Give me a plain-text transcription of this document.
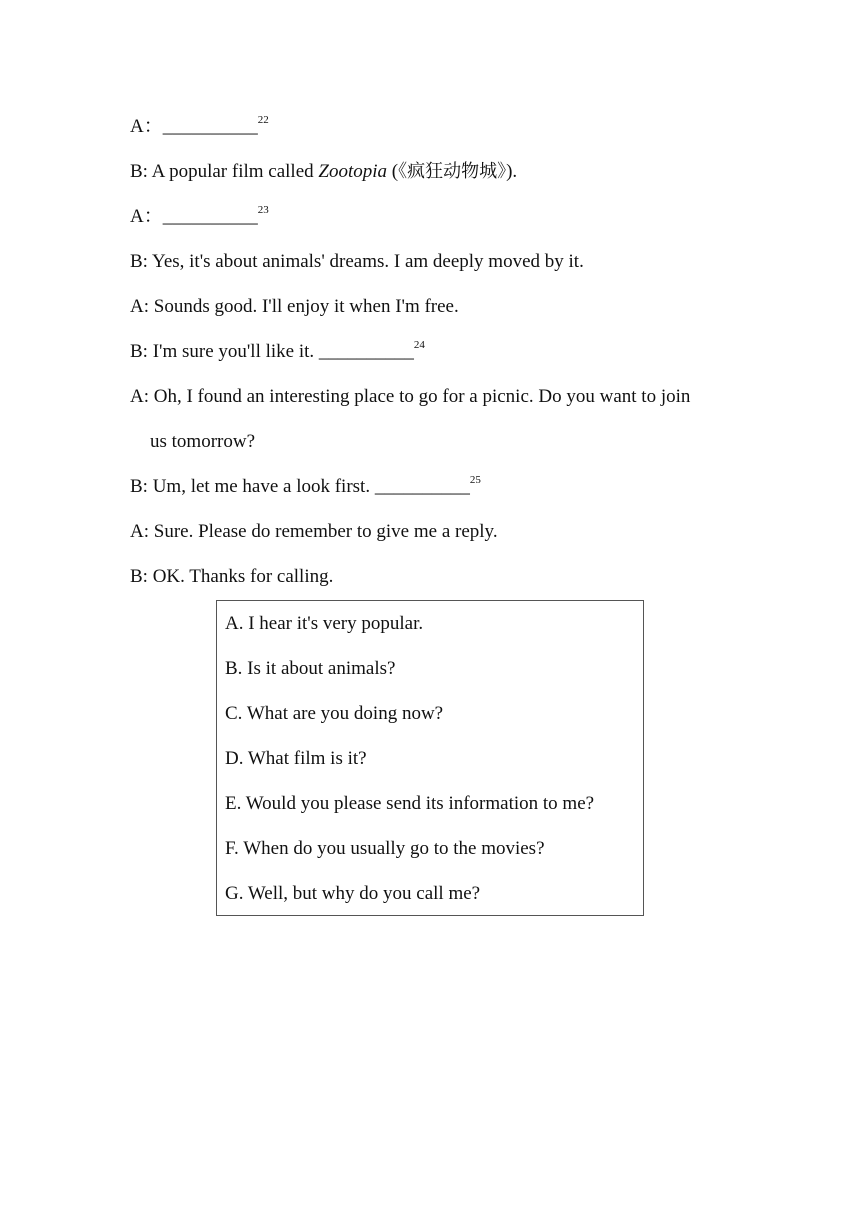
A：__________$^{22}$
B: A popular film called Zootopia (《疯狂动物城》).
A：__________$^{23}$
B: Yes, it's about animals' dreams. I am deeply moved by it.
A: Sounds good. I'll enjoy it when I'm free.
B: I'm sure you'll like it. __________$^{24}$
A: Oh, I found an interesting place to go for a picnic. Do you want to join
us tomorrow?
B: Um, let me have a look first. __________$^{25}$
A: Sure. Please do remember to give me a reply.
B: OK. Thanks for calling.
A. I hear it's very popular.
B. Is it about animals?
C. What are you doing now?
D. What film is it?
E. Would you please send its information to me?
F. When do you usually go to the movies?
G. Well, but why do you call me?
